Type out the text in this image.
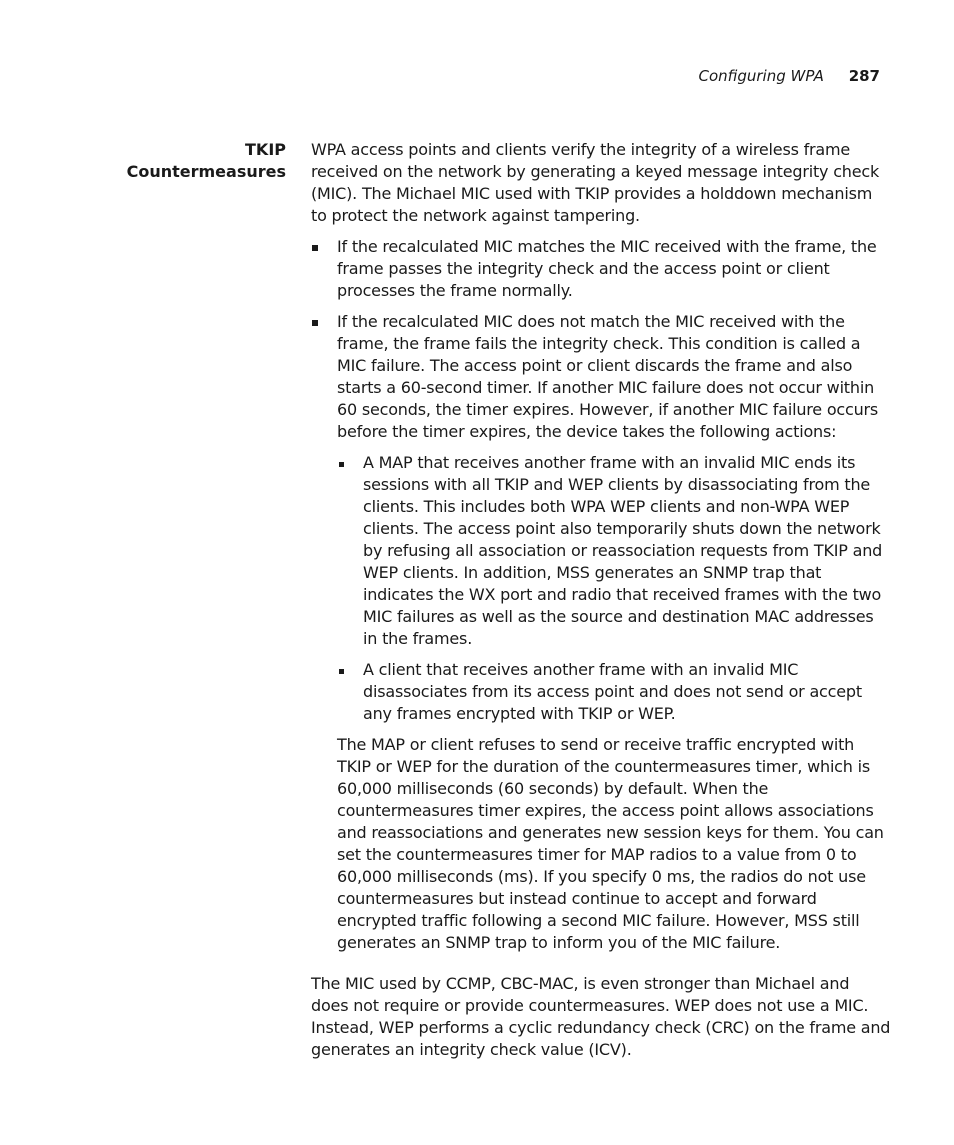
Configuring WPA 287
TKIP
Countermeasures

WPA access points and clients verify the integrity of a wireless frame received on the network by generating a keyed message integrity check (MIC). The Michael MIC used with TKIP provides a holddown mechanism to protect the network against tampering.

If the recalculated MIC matches the MIC received with the frame, the frame passes the integrity check and the access point or client processes the frame normally.
If the recalculated MIC does not match the MIC received with the frame, the frame fails the integrity check. This condition is called a MIC failure. The access point or client discards the frame and also starts a 60-second timer. If another MIC failure does not occur within 60 seconds, the timer expires. However, if another MIC failure occurs before the timer expires, the device takes the following actions:
A MAP that receives another frame with an invalid MIC ends its sessions with all TKIP and WEP clients by disassociating from the clients. This includes both WPA WEP clients and non-WPA WEP clients. The access point also temporarily shuts down the network by refusing all association or reassociation requests from TKIP and WEP clients. In addition, MSS generates an SNMP trap that indicates the WX port and radio that received frames with the two MIC failures as well as the source and destination MAC addresses in the frames.
A client that receives another frame with an invalid MIC disassociates from its access point and does not send or accept any frames encrypted with TKIP or WEP.

The MAP or client refuses to send or receive traffic encrypted with TKIP or WEP for the duration of the countermeasures timer, which is 60,000 milliseconds (60 seconds) by default. When the countermeasures timer expires, the access point allows associations and reassociations and generates new session keys for them. You can set the countermeasures timer for MAP radios to a value from 0 to 60,000 milliseconds (ms). If you specify 0 ms, the radios do not use countermeasures but instead continue to accept and forward encrypted traffic following a second MIC failure. However, MSS still generates an SNMP trap to inform you of the MIC failure.

The MIC used by CCMP, CBC-MAC, is even stronger than Michael and does not require or provide countermeasures. WEP does not use a MIC. Instead, WEP performs a cyclic redundancy check (CRC) on the frame and generates an integrity check value (ICV).
